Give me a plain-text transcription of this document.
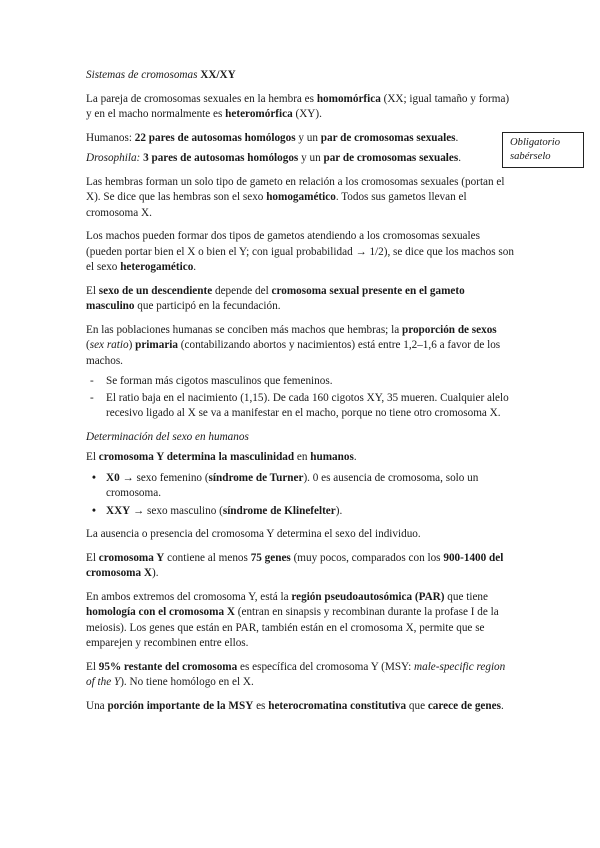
Sistemas de cromosomas XX/XY

La pareja de cromosomas sexuales en la hembra es homomórfica (XX; igual tamaño y forma) y en el macho normalmente es heteromórfica (XY).

Humanos: 22 pares de autosomas homólogos y un par de cromosomas sexuales.

Drosophila: 3 pares de autosomas homólogos y un par de cromosomas sexuales.

Las hembras forman un solo tipo de gameto en relación a los cromosomas sexuales (portan el X). Se dice que las hembras son el sexo homogamético. Todos sus gametos llevan el cromosoma X.

Los machos pueden formar dos tipos de gametos atendiendo a los cromosomas sexuales (pueden portar bien el X o bien el Y; con igual probabilidad → 1/2), se dice que los machos son el sexo heterogamético.

El sexo de un descendiente depende del cromosoma sexual presente en el gameto masculino que participó en la fecundación.

En las poblaciones humanas se conciben más machos que hembras; la proporción de sexos (sex ratio) primaria (contabilizando abortos y nacimientos) está entre 1,2–1,6 a favor de los machos.

- Se forman más cigotos masculinos que femeninos.
- El ratio baja en el nacimiento (1,15). De cada 160 cigotos XY, 35 mueren. Cualquier alelo recesivo ligado al X se va a manifestar en el macho, porque no tiene otro cromosoma X.

Determinación del sexo en humanos

El cromosoma Y determina la masculinidad en humanos.

• X0 → sexo femenino (síndrome de Turner). 0 es ausencia de cromosoma, solo un cromosoma.
• XXY → sexo masculino (síndrome de Klinefelter).

La ausencia o presencia del cromosoma Y determina el sexo del individuo.

El cromosoma Y contiene al menos 75 genes (muy pocos, comparados con los 900-1400 del cromosoma X).

En ambos extremos del cromosoma Y, está la región pseudoautosómica (PAR) que tiene homología con el cromosoma X (entran en sinapsis y recombinan durante la profase I de la meiosis). Los genes que están en PAR, también están en el cromosoma X, permite que se emparejen y recombinen entre ellos.

El 95% restante del cromosoma es específica del cromosoma Y (MSY: male-specific region of the Y). No tiene homólogo en el X.

Una porción importante de la MSY es heterocromatina constitutiva que carece de genes.

Obligatorio sabérselo
